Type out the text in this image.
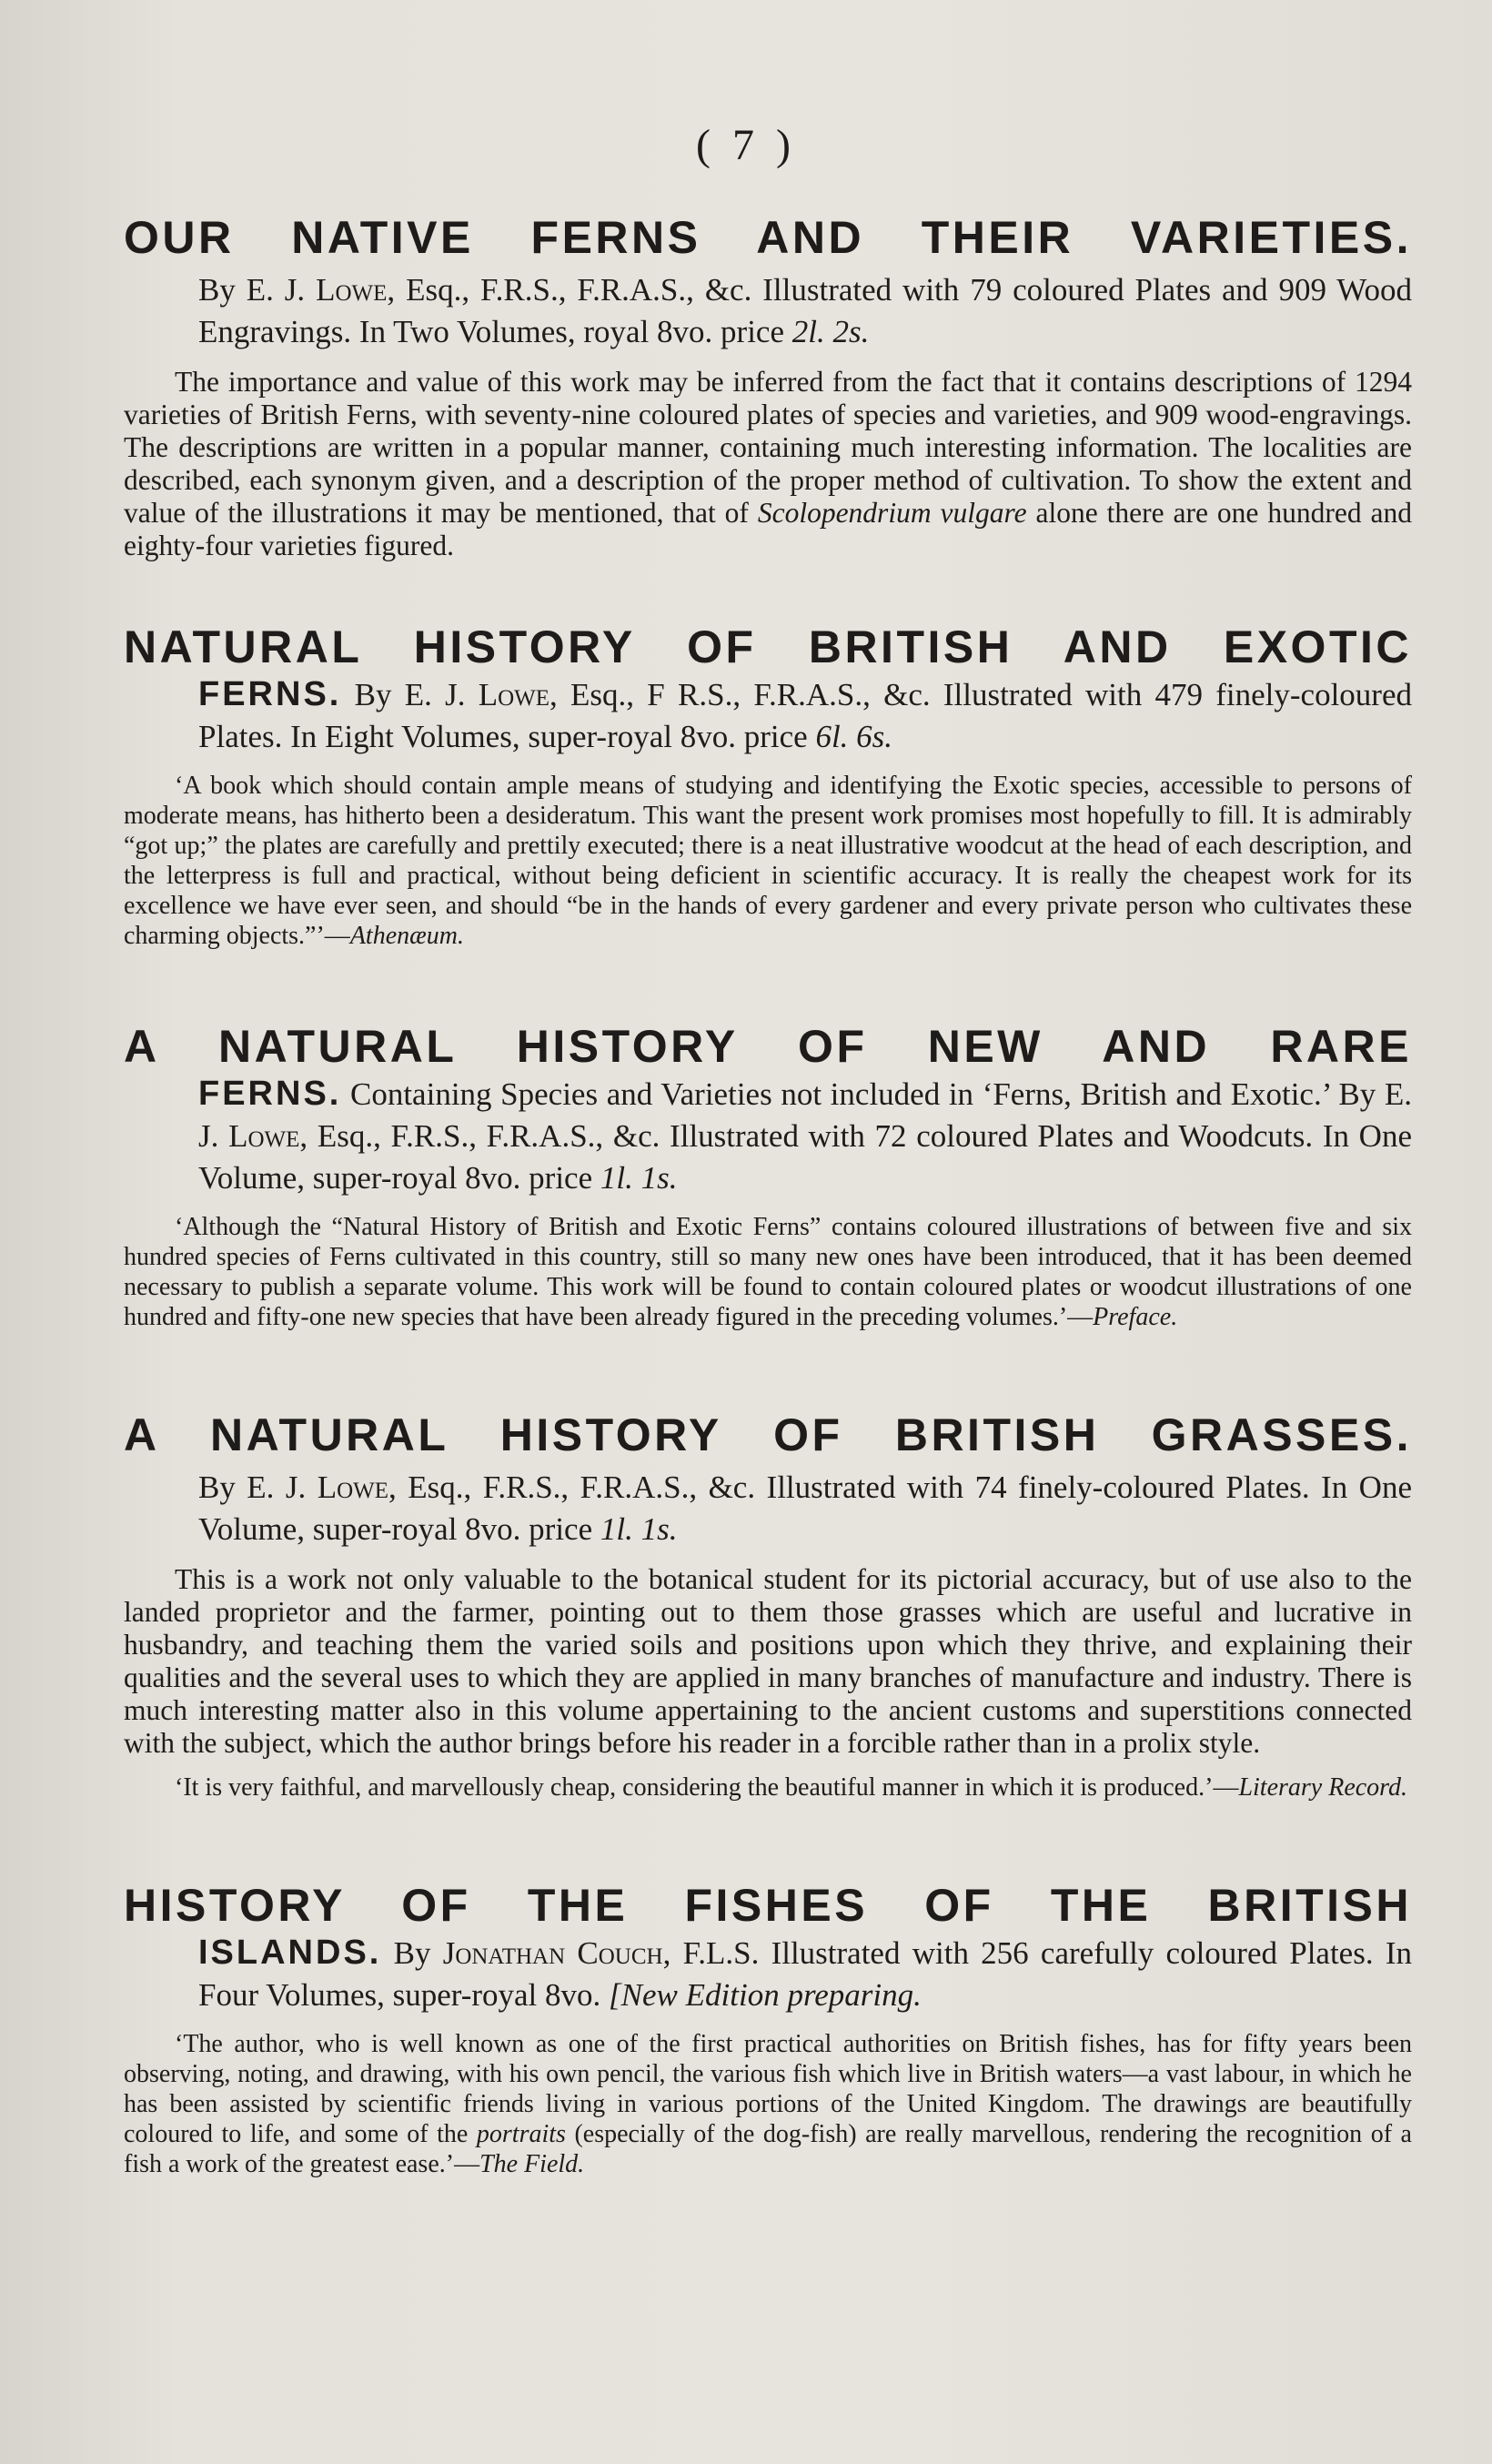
( 7 )

OUR NATIVE FERNS AND THEIR VARIETIES.

By E. J. Lowe, Esq., F.R.S., F.R.A.S., &c. Illustrated with 79 coloured Plates and 909 Wood Engravings. In Two Volumes, royal 8vo. price 2l. 2s.

The importance and value of this work may be inferred from the fact that it contains descriptions of 1294 varieties of British Ferns, with seventy-nine coloured plates of species and varieties, and 909 wood-engravings. The descriptions are written in a popular manner, containing much interesting information. The localities are described, each synonym given, and a description of the proper method of cultivation. To show the extent and value of the illustrations it may be mentioned, that of Scolopendrium vulgare alone there are one hundred and eighty-four varieties figured.

NATURAL HISTORY OF BRITISH AND EXOTIC

FERNS. By E. J. Lowe, Esq., F R.S., F.R.A.S., &c. Illustrated with 479 finely-coloured Plates. In Eight Volumes, super-royal 8vo. price 6l. 6s.

‘A book which should contain ample means of studying and identifying the Exotic species, accessible to persons of moderate means, has hitherto been a desideratum. This want the present work promises most hopefully to fill. It is admirably “got up;” the plates are carefully and prettily executed; there is a neat illustrative woodcut at the head of each description, and the letterpress is full and practical, without being deficient in scientific accuracy. It is really the cheapest work for its excellence we have ever seen, and should “be in the hands of every gardener and every private person who cultivates these charming objects.”’—Athenæum.

A NATURAL HISTORY OF NEW AND RARE

FERNS. Containing Species and Varieties not included in ‘Ferns, British and Exotic.’ By E. J. Lowe, Esq., F.R.S., F.R.A.S., &c. Illustrated with 72 coloured Plates and Woodcuts. In One Volume, super-royal 8vo. price 1l. 1s.

‘Although the “Natural History of British and Exotic Ferns” contains coloured illustrations of between five and six hundred species of Ferns cultivated in this country, still so many new ones have been introduced, that it has been deemed necessary to publish a separate volume. This work will be found to contain coloured plates or woodcut illustrations of one hundred and fifty-one new species that have been already figured in the preceding volumes.’—Preface.

A NATURAL HISTORY OF BRITISH GRASSES.

By E. J. Lowe, Esq., F.R.S., F.R.A.S., &c. Illustrated with 74 finely-coloured Plates. In One Volume, super-royal 8vo. price 1l. 1s.

This is a work not only valuable to the botanical student for its pictorial accuracy, but of use also to the landed proprietor and the farmer, pointing out to them those grasses which are useful and lucrative in husbandry, and teaching them the varied soils and positions upon which they thrive, and explaining their qualities and the several uses to which they are applied in many branches of manufacture and industry. There is much interesting matter also in this volume appertaining to the ancient customs and superstitions connected with the subject, which the author brings before his reader in a forcible rather than in a prolix style.

‘It is very faithful, and marvellously cheap, considering the beautiful manner in which it is produced.’—Literary Record.

HISTORY OF THE FISHES OF THE BRITISH

ISLANDS. By Jonathan Couch, F.L.S. Illustrated with 256 carefully coloured Plates. In Four Volumes, super-royal 8vo. [New Edition preparing.

‘The author, who is well known as one of the first practical authorities on British fishes, has for fifty years been observing, noting, and drawing, with his own pencil, the various fish which live in British waters—a vast labour, in which he has been assisted by scientific friends living in various portions of the United Kingdom. The drawings are beautifully coloured to life, and some of the portraits (especially of the dog-fish) are really marvellous, rendering the recognition of a fish a work of the greatest ease.’—The Field.
